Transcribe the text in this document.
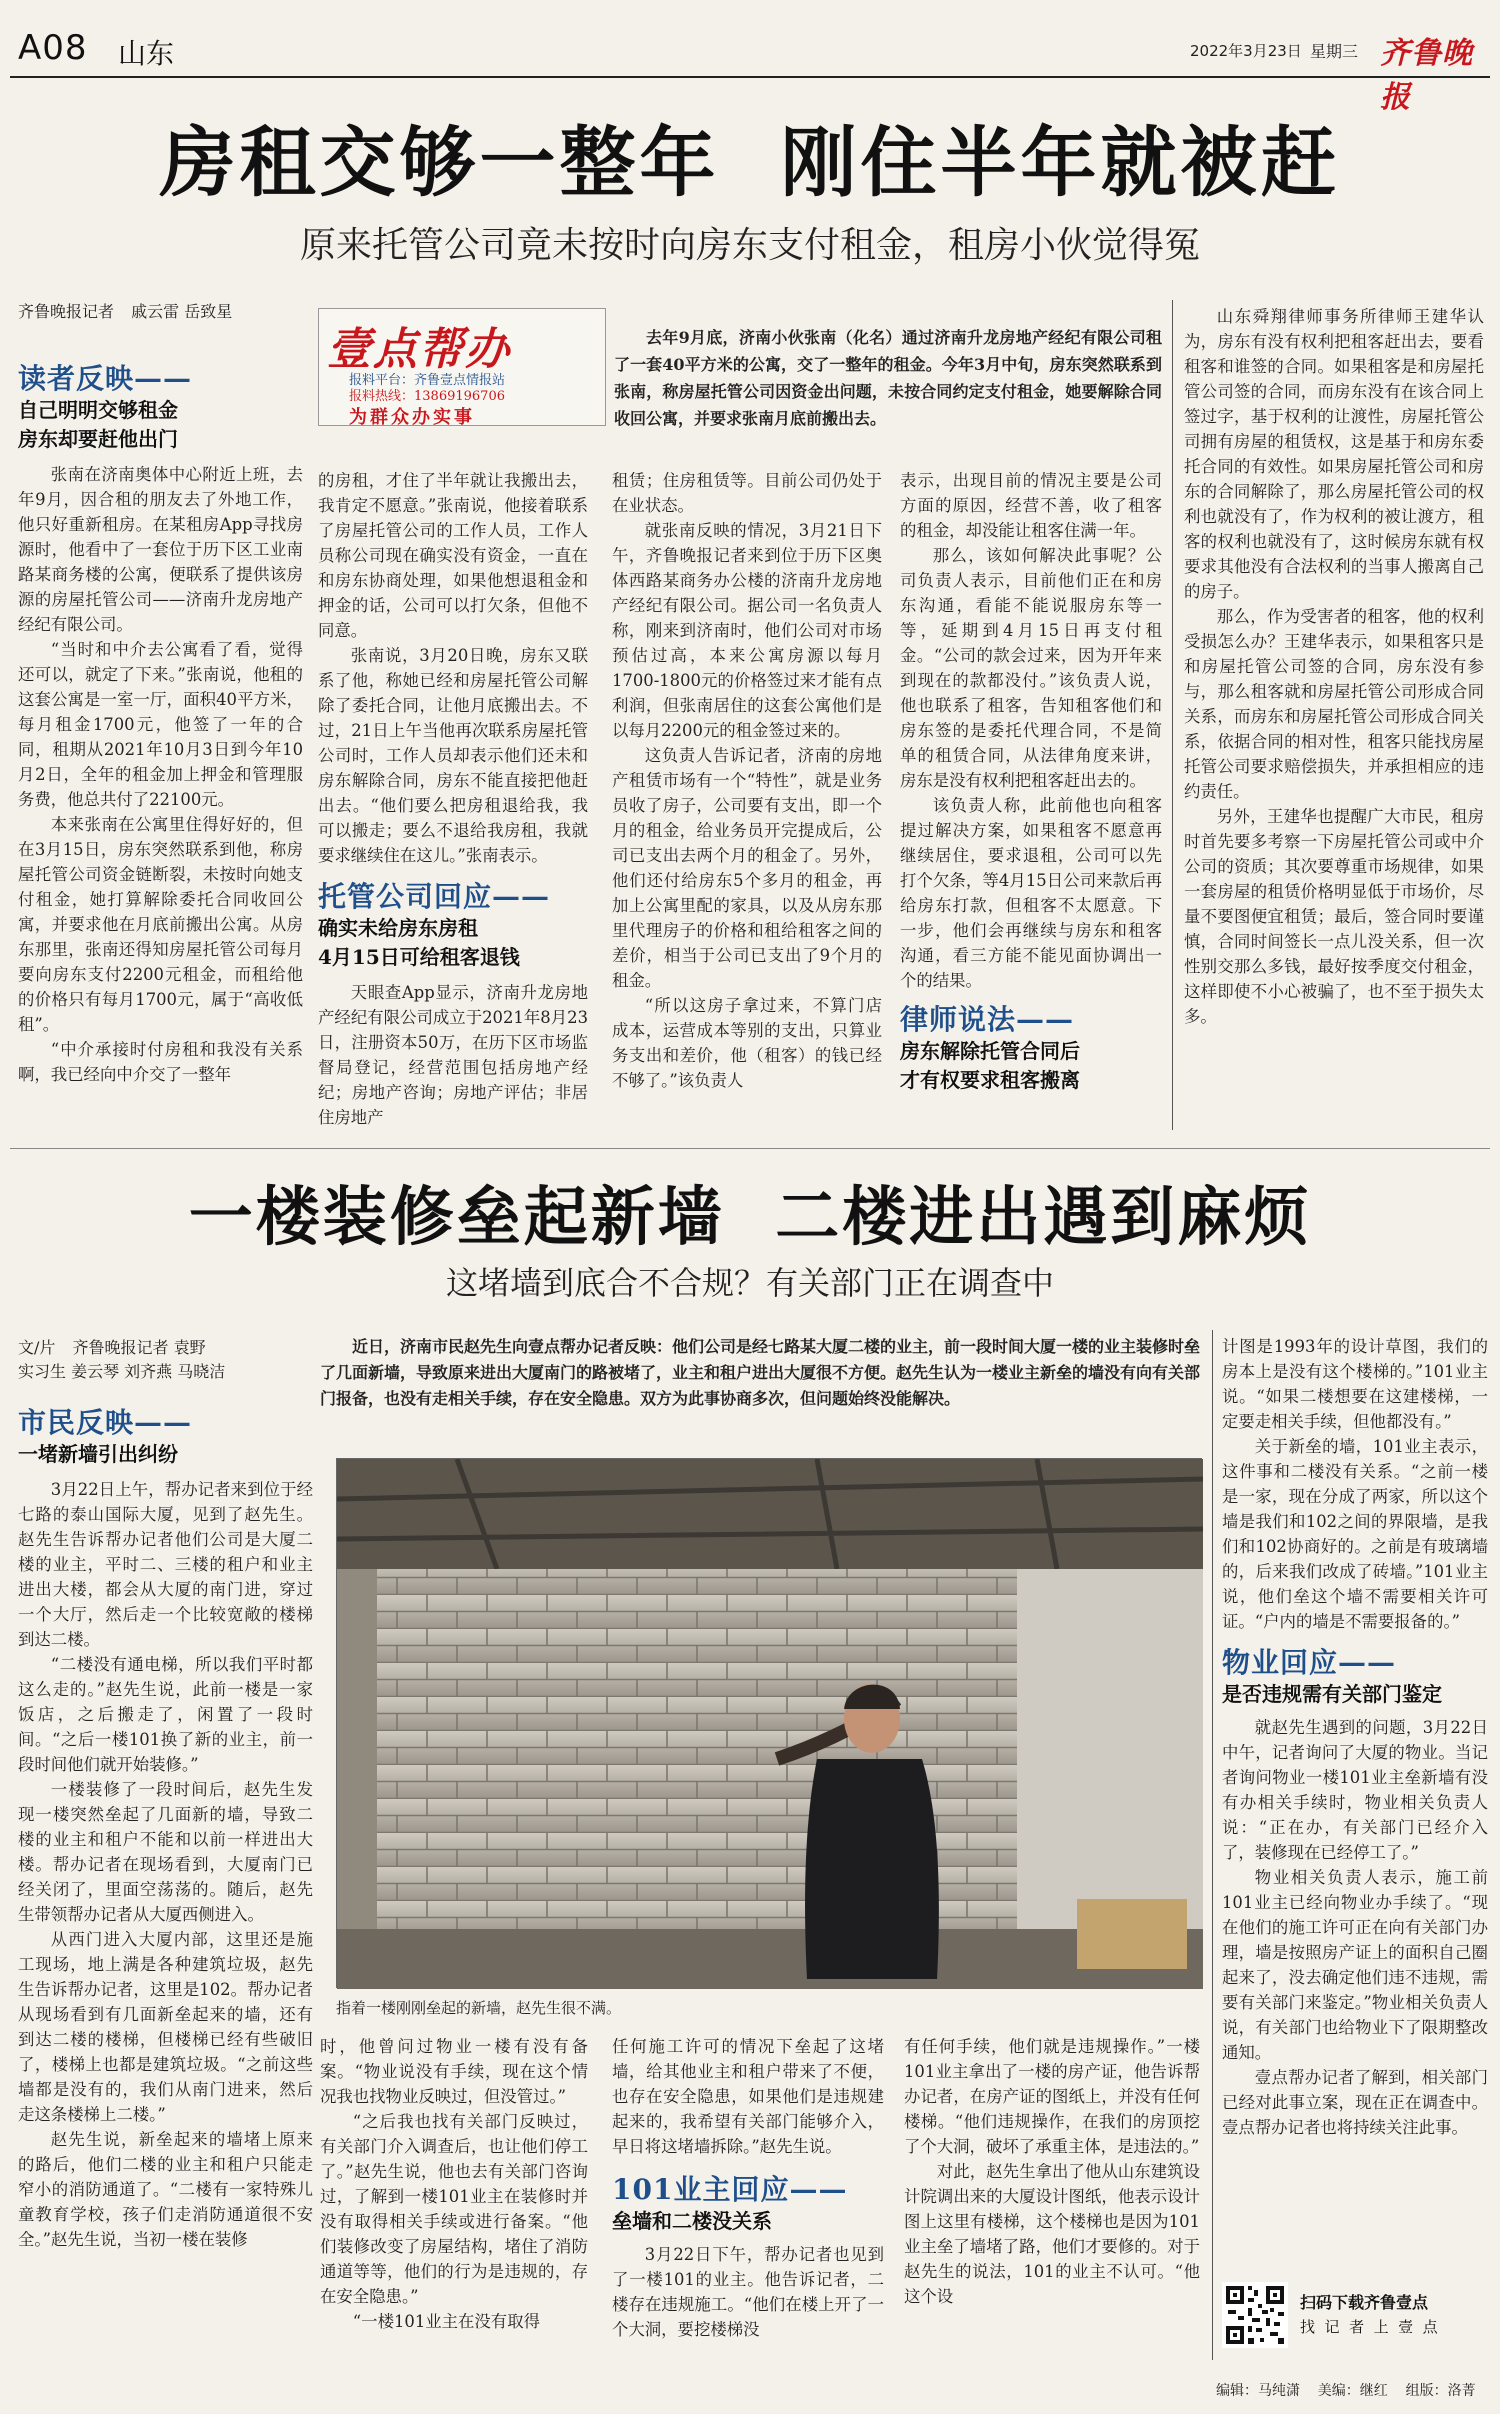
A08 山东	2022年3月23日 星期三 齐鲁晚报
房租交够一整年  刚住半年就被赶
原来托管公司竟未按时向房东支付租金，租房小伙觉得冤
齐鲁晚报记者 戚云雷 岳致星
壹点帮办
报料平台：齐鲁壹点情报站
报料热线：13869196706
为群众办实事

去年9月底，济南小伙张南（化名）通过济南升龙房地产经纪有限公司租了一套40平方米的公寓，交了一整年的租金。今年3月中旬，房东突然联系到张南，称房屋托管公司因资金出问题，未按合同约定支付租金，她要解除合同收回公寓，并要求张南月底前搬出去。

读者反映——
自己明明交够租金
房东却要赶他出门

张南在济南奥体中心附近上班，去年9月，因合租的朋友去了外地工作，他只好重新租房。在某租房App寻找房源时，他看中了一套位于历下区工业南路某商务楼的公寓，便联系了提供该房源的房屋托管公司——济南升龙房地产经纪有限公司。

“当时和中介去公寓看了看，觉得还可以，就定了下来。”张南说，他租的这套公寓是一室一厅，面积40平方米，每月租金1700元，他签了一年的合同，租期从2021年10月3日到今年10月2日，全年的租金加上押金和管理服务费，他总共付了22100元。

本来张南在公寓里住得好好的，但在3月15日，房东突然联系到他，称房屋托管公司资金链断裂，未按时向她支付租金，她打算解除委托合同收回公寓，并要求他在月底前搬出公寓。从房东那里，张南还得知房屋托管公司每月要向房东支付2200元租金，而租给他的价格只有每月1700元，属于“高收低租”。

“中介承接时付房租和我没有关系啊，我已经向中介交了一整年

的房租，才住了半年就让我搬出去，我肯定不愿意。”张南说，他接着联系了房屋托管公司的工作人员，工作人员称公司现在确实没有资金，一直在和房东协商处理，如果他想退租金和押金的话，公司可以打欠条，但他不同意。

张南说，3月20日晚，房东又联系了他，称她已经和房屋托管公司解除了委托合同，让他月底搬出去。不过，21日上午当他再次联系房屋托管公司时，工作人员却表示他们还未和房东解除合同，房东不能直接把他赶出去。“他们要么把房租退给我，我可以搬走；要么不退给我房租，我就要求继续住在这儿。”张南表示。

托管公司回应——
确实未给房东房租
4月15日可给租客退钱

天眼查App显示，济南升龙房地产经纪有限公司成立于2021年8月23日，注册资本50万，在历下区市场监督局登记，经营范围包括房地产经纪；房地产咨询；房地产评估；非居住房地产

租赁；住房租赁等。目前公司仍处于在业状态。

就张南反映的情况，3月21日下午，齐鲁晚报记者来到位于历下区奥体西路某商务办公楼的济南升龙房地产经纪有限公司。据公司一名负责人称，刚来到济南时，他们公司对市场预估过高，本来公寓房源以每月1700-1800元的价格签过来才能有点利润，但张南居住的这套公寓他们是以每月2200元的租金签过来的。

这负责人告诉记者，济南的房地产租赁市场有一个“特性”，就是业务员收了房子，公司要有支出，即一个月的租金，给业务员开完提成后，公司已支出去两个月的租金了。另外，他们还付给房东5个多月的租金，再加上公寓里配的家具，以及从房东那里代理房子的价格和租给租客之间的差价，相当于公司已支出了9个月的租金。

“所以这房子拿过来，不算门店成本，运营成本等别的支出，只算业务支出和差价，他（租客）的钱已经不够了。”该负责人

表示，出现目前的情况主要是公司方面的原因，经营不善，收了租客的租金，却没能让租客住满一年。

那么，该如何解决此事呢？公司负责人表示，目前他们正在和房东沟通，看能不能说服房东等一等，延期到4月15日再支付租金。“公司的款会过来，因为开年来到现在的款都没付。”该负责人说，他也联系了租客，告知租客他们和房东签的是委托代理合同，不是简单的租赁合同，从法律角度来讲，房东是没有权利把租客赶出去的。

该负责人称，此前他也向租客提过解决方案，如果租客不愿意再继续居住，要求退租，公司可以先打个欠条，等4月15日公司来款后再给房东打款，但租客不太愿意。下一步，他们会再继续与房东和租客沟通，看三方能不能见面协调出一个的结果。

律师说法——
房东解除托管合同后
才有权要求租客搬离

山东舜翔律师事务所律师王建华认为，房东有没有权利把租客赶出去，要看租客和谁签的合同。如果租客是和房屋托管公司签的合同，而房东没有在该合同上签过字，基于权利的让渡性，房屋托管公司拥有房屋的租赁权，这是基于和房东委托合同的有效性。如果房屋托管公司和房东的合同解除了，那么房屋托管公司的权利也就没有了，作为权利的被让渡方，租客的权利也就没有了，这时候房东就有权要求其他没有合法权利的当事人搬离自己的房子。

那么，作为受害者的租客，他的权利受损怎么办？王建华表示，如果租客只是和房屋托管公司签的合同，房东没有参与，那么租客就和房屋托管公司形成合同关系，而房东和房屋托管公司形成合同关系，依据合同的相对性，租客只能找房屋托管公司要求赔偿损失，并承担相应的违约责任。

另外，王建华也提醒广大市民，租房时首先要多考察一下房屋托管公司或中介公司的资质；其次要尊重市场规律，如果一套房屋的租赁价格明显低于市场价，尽量不要图便宜租赁；最后，签合同时要谨慎，合同时间签长一点儿没关系，但一次性别交那么多钱，最好按季度交付租金，这样即使不小心被骗了，也不至于损失太多。

一楼装修垒起新墙  二楼进出遇到麻烦
这堵墙到底合不合规？有关部门正在调查中
文/片 齐鲁晚报记者 袁野
实习生 姜云琴 刘齐燕 马晓洁

近日，济南市民赵先生向壹点帮办记者反映：他们公司是经七路某大厦二楼的业主，前一段时间大厦一楼的业主装修时垒了几面新墙，导致原来进出大厦南门的路被堵了，业主和租户进出大厦很不方便。赵先生认为一楼业主新垒的墙没有向有关部门报备，也没有走相关手续，存在安全隐患。双方为此事协商多次，但问题始终没能解决。

指着一楼刚刚垒起的新墙，赵先生很不满。
市民反映——
一堵新墙引出纠纷

3月22日上午，帮办记者来到位于经七路的泰山国际大厦，见到了赵先生。赵先生告诉帮办记者他们公司是大厦二楼的业主，平时二、三楼的租户和业主进出大楼，都会从大厦的南门进，穿过一个大厅，然后走一个比较宽敞的楼梯到达二楼。

“二楼没有通电梯，所以我们平时都这么走的。”赵先生说，此前一楼是一家饭店，之后搬走了，闲置了一段时间。“之后一楼101换了新的业主，前一段时间他们就开始装修。”

一楼装修了一段时间后，赵先生发现一楼突然垒起了几面新的墙，导致二楼的业主和租户不能和以前一样进出大楼。帮办记者在现场看到，大厦南门已经关闭了，里面空荡荡的。随后，赵先生带领帮办记者从大厦西侧进入。

从西门进入大厦内部，这里还是施工现场，地上满是各种建筑垃圾，赵先生告诉帮办记者，这里是102。帮办记者从现场看到有几面新垒起来的墙，还有到达二楼的楼梯，但楼梯已经有些破旧了，楼梯上也都是建筑垃圾。“之前这些墙都是没有的，我们从南门进来，然后走这条楼梯上二楼。”

赵先生说，新垒起来的墙堵上原来的路后，他们二楼的业主和租户只能走窄小的消防通道了。“二楼有一家特殊儿童教育学校，孩子们走消防通道很不安全。”赵先生说，当初一楼在装修

时，他曾问过物业一楼有没有备案。“物业说没有手续，现在这个情况我也找物业反映过，但没管过。”

“之后我也找有关部门反映过，有关部门介入调查后，也让他们停工了。”赵先生说，他也去有关部门咨询过，了解到一楼101业主在装修时并没有取得相关手续或进行备案。“他们装修改变了房屋结构，堵住了消防通道等等，他们的行为是违规的，存在安全隐患。”

“一楼101业主在没有取得

任何施工许可的情况下垒起了这堵墙，给其他业主和租户带来了不便，也存在安全隐患，如果他们是违规建起来的，我希望有关部门能够介入，早日将这堵墙拆除。”赵先生说。

101业主回应——
垒墙和二楼没关系

3月22日下午，帮办记者也见到了一楼101的业主。他告诉记者，二楼存在违规施工。“他们在楼上开了一个大洞，要挖楼梯没

有任何手续，他们就是违规操作。”一楼101业主拿出了一楼的房产证，他告诉帮办记者，在房产证的图纸上，并没有任何楼梯。“他们违规操作，在我们的房顶挖了个大洞，破坏了承重主体，是违法的。”

对此，赵先生拿出了他从山东建筑设计院调出来的大厦设计图纸，他表示设计图上这里有楼梯，这个楼梯也是因为101业主垒了墙堵了路，他们才要修的。对于赵先生的说法，101的业主不认可。“他这个设

计图是1993年的设计草图，我们的房本上是没有这个楼梯的。”101业主说。“如果二楼想要在这建楼梯，一定要走相关手续，但他都没有。”

关于新垒的墙，101业主表示，这件事和二楼没有关系。“之前一楼是一家，现在分成了两家，所以这个墙是我们和102之间的界限墙，是我们和102协商好的。之前是有玻璃墙的，后来我们改成了砖墙。”101业主说，他们垒这个墙不需要相关许可证。“户内的墙是不需要报备的。”

物业回应——
是否违规需有关部门鉴定

就赵先生遇到的问题，3月22日中午，记者询问了大厦的物业。当记者询问物业一楼101业主垒新墙有没有办相关手续时，物业相关负责人说：“正在办，有关部门已经介入了，装修现在已经停工了。”

物业相关负责人表示，施工前101业主已经向物业办手续了。“现在他们的施工许可正在向有关部门办理，墙是按照房产证上的面积自己圈起来了，没去确定他们违不违规，需要有关部门来鉴定。”物业相关负责人说，有关部门也给物业下了限期整改通知。

壹点帮办记者了解到，相关部门已经对此事立案，现在正在调查中。壹点帮办记者也将持续关注此事。

扫码下载齐鲁壹点
找  记  者  上  壹  点
编辑：马纯潇    美编：继红    组版：洛菁
